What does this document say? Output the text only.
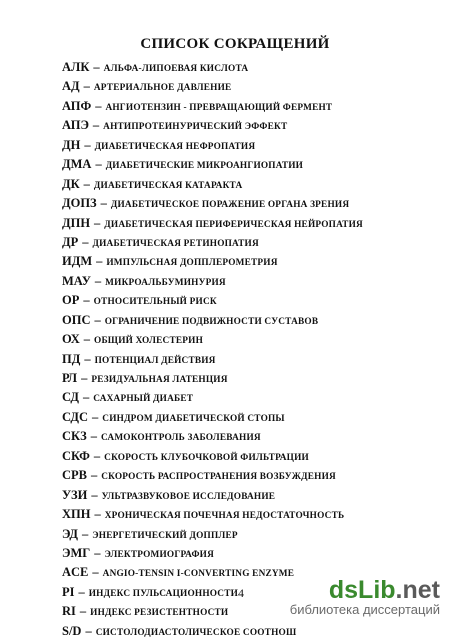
СПИСОК СОКРАЩЕНИЙ
АЛК – АЛЬФА-ЛИПОЕВАЯ КИСЛОТА
АД – АРТЕРИАЛЬНОЕ ДАВЛЕНИЕ
АПФ – АНГИОТЕНЗИН - ПРЕВРАЩАЮЩИЙ ФЕРМЕНТ
АПЭ – АНТИПРОТЕИНУРИЧЕСКИЙ ЭФФЕКТ
ДН – ДИАБЕТИЧЕСКАЯ НЕФРОПАТИЯ
ДМА – ДИАБЕТИЧЕСКИЕ МИКРОАНГИОПАТИИ
ДК – ДИАБЕТИЧЕСКАЯ КАТАРАКТА
ДОПЗ – ДИАБЕТИЧЕСКОЕ ПОРАЖЕНИЕ ОРГАНА ЗРЕНИЯ
ДПН – ДИАБЕТИЧЕСКАЯ ПЕРИФЕРИЧЕСКАЯ НЕЙРОПАТИЯ
ДР – ДИАБЕТИЧЕСКАЯ РЕТИНОПАТИЯ
ИДМ – ИМПУЛЬСНАЯ ДОППЛЕРОМЕТРИЯ
МАУ – МИКРОАЛЬБУМИНУРИЯ
ОР – ОТНОСИТЕЛЬНЫЙ РИСК
ОПС – ОГРАНИЧЕНИЕ ПОДВИЖНОСТИ СУСТАВОВ
ОХ – ОБЩИЙ ХОЛЕСТЕРИН
ПД – ПОТЕНЦИАЛ ДЕЙСТВИЯ
РЛ – РЕЗИДУАЛЬНАЯ ЛАТЕНЦИЯ
СД – САХАРНЫЙ ДИАБЕТ
СДС – СИНДРОМ ДИАБЕТИЧЕСКОЙ СТОПЫ
СКЗ – САМОКОНТРОЛЬ ЗАБОЛЕВАНИЯ
СКФ – СКОРОСТЬ КЛУБОЧКОВОЙ ФИЛЬТРАЦИИ
СРВ – СКОРОСТЬ РАСПРОСТРАНЕНИЯ ВОЗБУЖДЕНИЯ
УЗИ – УЛЬТРАЗВУКОВОЕ ИССЛЕДОВАНИЕ
ХПН – ХРОНИЧЕСКАЯ ПОЧЕЧНАЯ НЕДОСТАТОЧНОСТЬ
ЭД – ЭНЕРГЕТИЧЕСКИЙ ДОППЛЕР
ЭМГ – ЭЛЕКТРОМИОГРАФИЯ
ACE – ANGIO-TENSIN I-CONVERTING ENZYME
PI – ИНДЕКС ПУЛЬСАЦИОННОСТИ
RI – ИНДЕКС РЕЗИСТЕНТНОСТИ
S/D – СИСТОЛОДИАСТОЛИЧЕСКОЕ СООТНОШ
4	dsLib.net
библиотека диссертаций
